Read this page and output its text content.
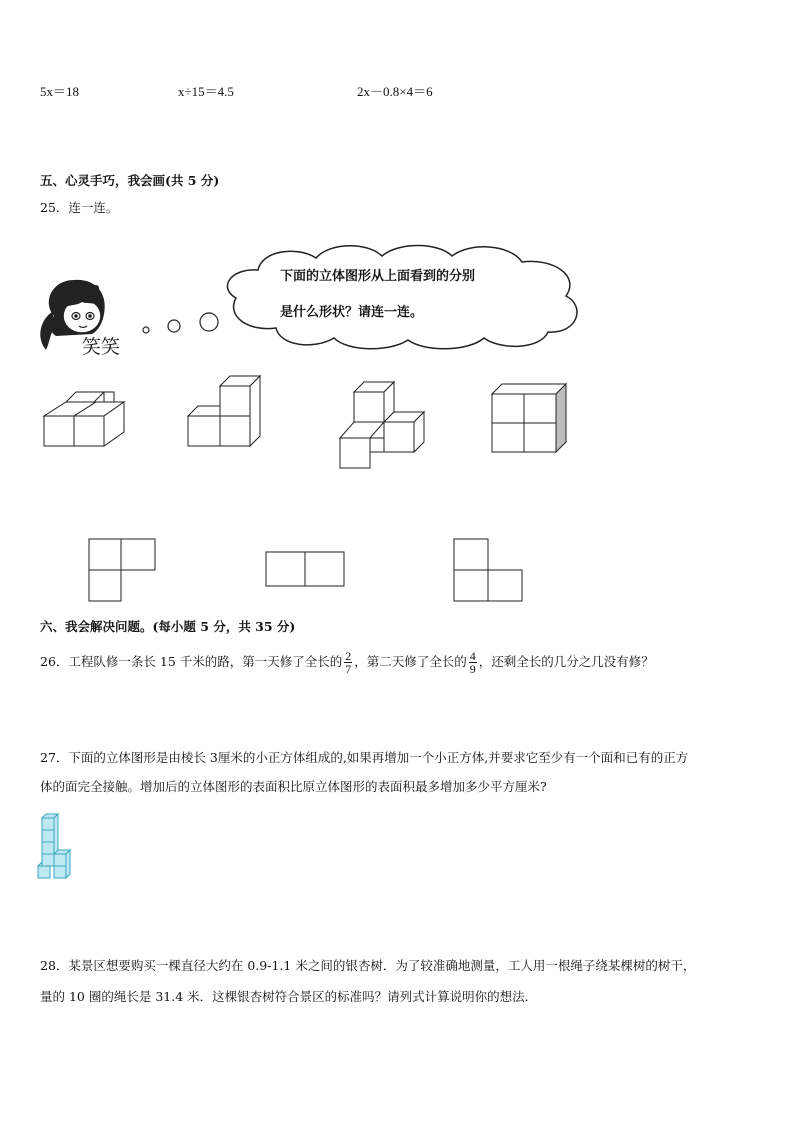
5x＝18	x÷15＝4.5	2x－0.8×4＝6
五、心灵手巧，我会画(共 5 分)
25．连一连。
笑笑
下面的立体图形从上面看到的分别
是什么形状？请连一连。
六、我会解决问题。(每小题 5 分，共 35 分)
26．工程队修一条长 15 千米的路，第一天修了全长的 $\frac{2}{7}$ ，第二天修了全长的 $\frac{4}{9}$ ，还剩全长的几分之几没有修？
27．下面的立体图形是由棱长 3厘米的小正方体组成的,如果再增加一个小正方体,并要求它至少有一个面和已有的正方
体的面完全接触。增加后的立体图形的表面积比原立体图形的表面积最多增加多少平方厘米?
28．某景区想要购买一棵直径大约在 0.9-1.1 米之间的银杏树．为了较准确地测量，工人用一根绳子绕某棵树的树干，
量的 10 圈的绳长是 31.4 米．这棵银杏树符合景区的标准吗？请列式计算说明你的想法．
